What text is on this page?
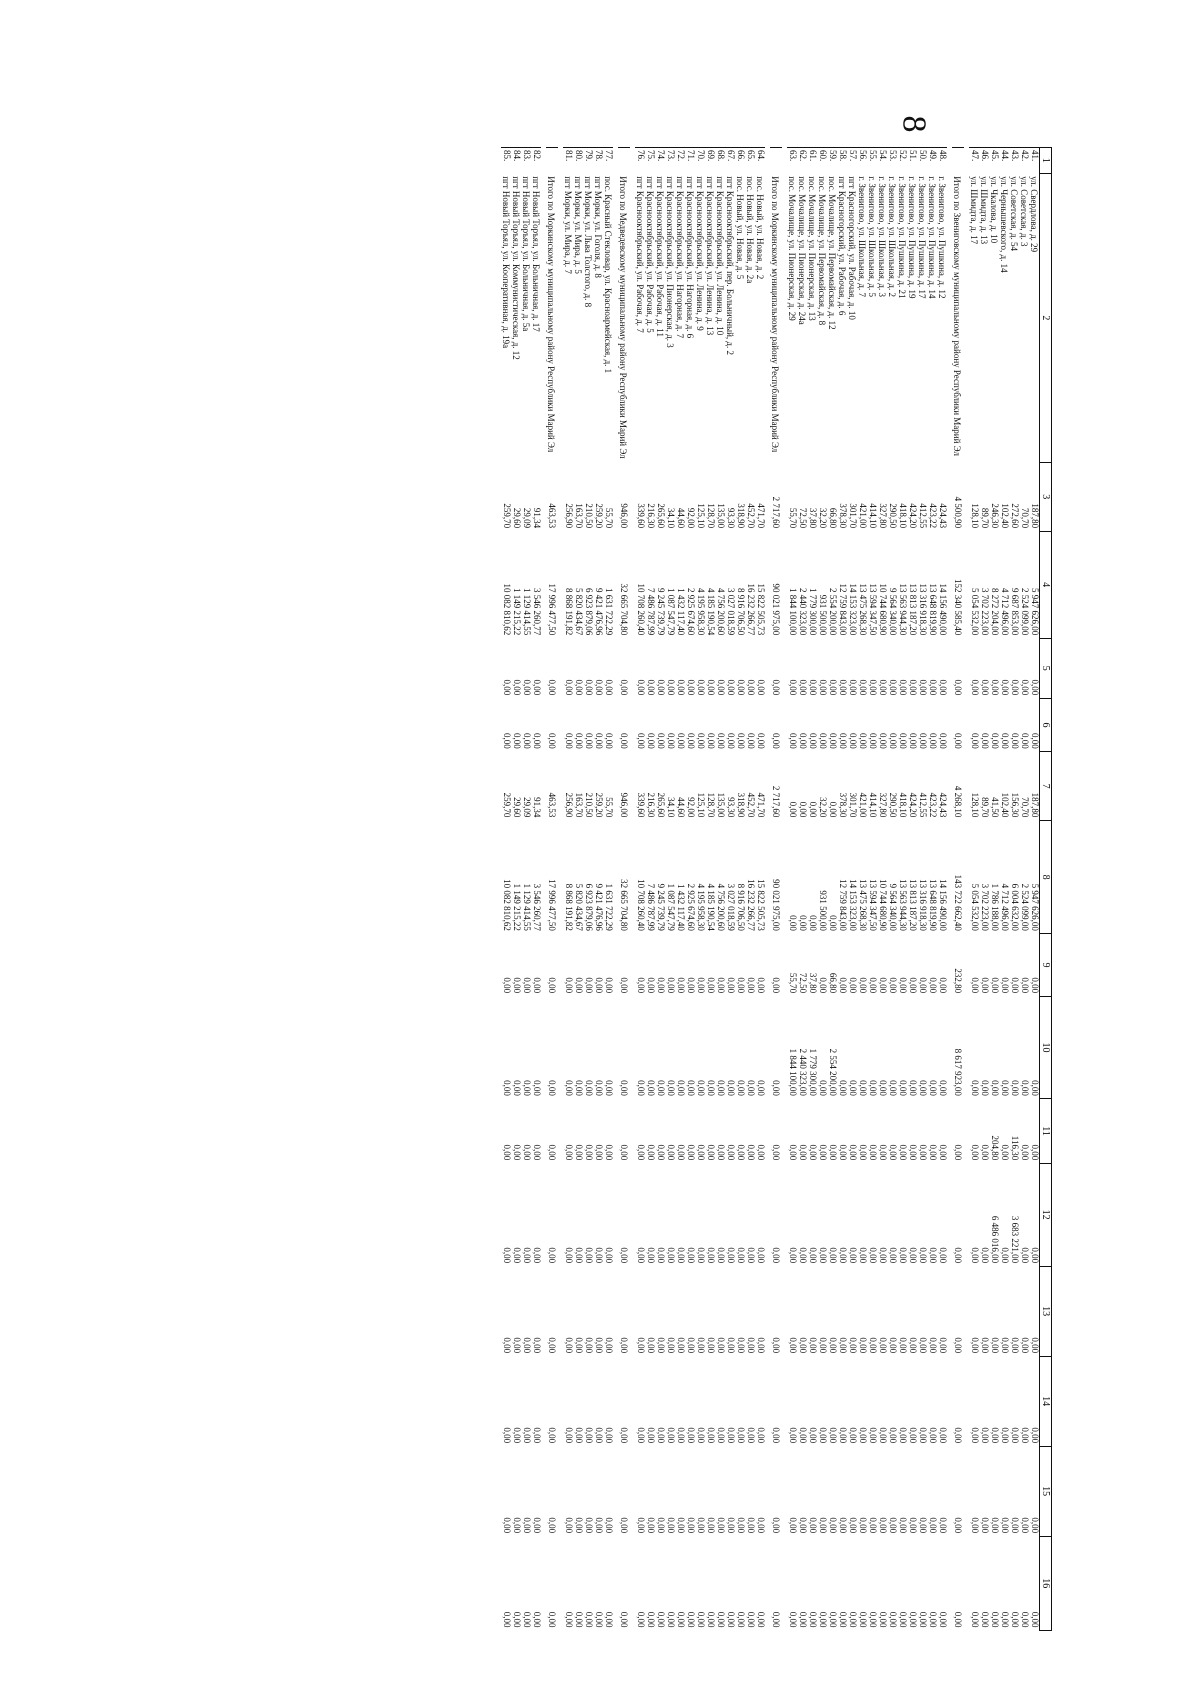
8
1	2	3	4	5	6	7	8	9	10	11	12	13	14	15	16
41.	ул. Свердлова, д. 29	187,80	5 947 626,00	0,00	0,00	187,80	5 947 626,00	0,00	0,00	0,00	0,00	0,00	0,00	0,00	0,00
42.	ул. Советская, д. 3	70,70	2 524 099,00	0,00	0,00	70,70	2 524 099,00	0,00	0,00	0,00	0,00	0,00	0,00	0,00	0,00
43.	ул. Советская, д. 54	272,60	9 687 853,00	0,00	0,00	156,30	6 004 632,00	0,00	0,00	116,30	3 683 221,00	0,00	0,00	0,00	0,00
44.	ул. Чернышевского, д. 14	102,40	4 712 496,00	0,00	0,00	102,40	4 712 496,00	0,00	0,00	0,00	0,00	0,00	0,00	0,00	0,00
45.	ул. Чкалова, д. 10	246,30	8 272 204,00	0,00	0,00	41,50	1 786 188,00	0,00	0,00	204,80	6 486 016,00	0,00	0,00	0,00	0,00
46.	ул. Шмидта, д. 13	89,70	3 702 223,00	0,00	0,00	89,70	3 702 223,00	0,00	0,00	0,00	0,00	0,00	0,00	0,00	0,00
47.	ул. Шмидта, д. 17	128,10	5 054 532,00	0,00	0,00	128,10	5 054 532,00	0,00	0,00	0,00	0,00	0,00	0,00	0,00	0,00

	Итого по Звениговскому муниципальному району Республики Марий Эл	4 500,90	152 340 585,40	0,00	0,00	4 268,10	143 722 662,40	232,80	8 617 923,00	0,00	0,00	0,00	0,00	0,00	0,00

48.	г. Звенигово, ул. Пушкина, д. 12	424,43	14 156 490,00	0,00	0,00	424,43	14 156 490,00	0,00	0,00	0,00	0,00	0,00	0,00	0,00	0,00
49.	г. Звенигово, ул. Пушкина, д. 14	423,22	13 648 819,90	0,00	0,00	423,22	13 648 819,90	0,00	0,00	0,00	0,00	0,00	0,00	0,00	0,00
50.	г. Звенигово, ул. Пушкина, д. 17	412,55	13 316 918,30	0,00	0,00	412,55	13 316 918,30	0,00	0,00	0,00	0,00	0,00	0,00	0,00	0,00
51.	г. Звенигово, ул. Пушкина, д. 19	424,20	13 813 187,20	0,00	0,00	424,20	13 813 187,20	0,00	0,00	0,00	0,00	0,00	0,00	0,00	0,00
52.	г. Звенигово, ул. Пушкина, д. 21	418,10	13 563 944,30	0,00	0,00	418,10	13 563 944,30	0,00	0,00	0,00	0,00	0,00	0,00	0,00	0,00
53.	г. Звенигово, ул. Школьная, д. 2	290,50	9 564 340,00	0,00	0,00	290,50	9 564 340,00	0,00	0,00	0,00	0,00	0,00	0,00	0,00	0,00
54.	г. Звенигово, ул. Школьная, д. 3	327,80	10 744 680,90	0,00	0,00	327,80	10 744 680,90	0,00	0,00	0,00	0,00	0,00	0,00	0,00	0,00
55.	г. Звенигово, ул. Школьная, д. 5	414,10	13 594 347,50	0,00	0,00	414,10	13 594 347,50	0,00	0,00	0,00	0,00	0,00	0,00	0,00	0,00
56.	г. Звенигово, ул. Школьная, д. 7	421,00	13 475 268,30	0,00	0,00	421,00	13 475 268,30	0,00	0,00	0,00	0,00	0,00	0,00	0,00	0,00
57.	пгт Красногорский, ул. Рабочая, д. 10	301,70	14 153 323,00	0,00	0,00	301,70	14 153 323,00	0,00	0,00	0,00	0,00	0,00	0,00	0,00	0,00
58.	пгт Красногорский, ул. Рабочая, д. 6	378,30	12 759 843,00	0,00	0,00	378,30	12 759 843,00	0,00	0,00	0,00	0,00	0,00	0,00	0,00	0,00
59.	пос. Мочалище, ул. Первомайская, д. 12	66,80	2 554 200,00	0,00	0,00	0,00	0,00	66,80	2 554 200,00	0,00	0,00	0,00	0,00	0,00	0,00
60.	пос. Мочалище, ул. Первомайская, д. 8	32,20	931 500,00	0,00	0,00	32,20	931 500,00	0,00	0,00	0,00	0,00	0,00	0,00	0,00	0,00
61.	пос. Мочалище, ул. Пионерская, д. 13	37,80	1 779 300,00	0,00	0,00	0,00	0,00	37,80	1 779 300,00	0,00	0,00	0,00	0,00	0,00	0,00
62.	пос. Мочалище, ул. Пионерская, д. 24а	72,50	2 440 323,00	0,00	0,00	0,00	0,00	72,50	2 440 323,00	0,00	0,00	0,00	0,00	0,00	0,00
63.	пос. Мочалище, ул. Пионерская, д. 29	55,70	1 844 100,00	0,00	0,00	0,00	0,00	55,70	1 844 100,00	0,00	0,00	0,00	0,00	0,00	0,00

	Итого по Моркинскому муниципальному району Республики Марий Эл	2 717,60	90 021 975,00	0,00	0,00	2 717,60	90 021 975,00	0,00	0,00	0,00	0,00	0,00	0,00	0,00	0,00

64.	пос. Новый, ул. Новая, д. 2	471,70	15 822 505,73	0,00	0,00	471,70	15 822 505,73	0,00	0,00	0,00	0,00	0,00	0,00	0,00	0,00
65.	пос. Новый, ул. Новая, д. 2а	452,70	16 232 266,77	0,00	0,00	452,70	16 232 266,77	0,00	0,00	0,00	0,00	0,00	0,00	0,00	0,00
66.	пос. Новый, ул. Новая, д. 5	318,90	8 916 706,50	0,00	0,00	318,90	8 916 706,50	0,00	0,00	0,00	0,00	0,00	0,00	0,00	0,00
67.	пгт Краснооктябрьский, пер. Больничный, д. 2	93,30	3 027 018,59	0,00	0,00	93,30	3 027 018,59	0,00	0,00	0,00	0,00	0,00	0,00	0,00	0,00
68.	пгт Краснооктябрьский, ул. Ленина, д. 10	135,00	4 756 200,60	0,00	0,00	135,00	4 756 200,60	0,00	0,00	0,00	0,00	0,00	0,00	0,00	0,00
69.	пгт Краснооктябрьский, ул. Ленина, д. 13	128,70	4 185 190,54	0,00	0,00	128,70	4 185 190,54	0,00	0,00	0,00	0,00	0,00	0,00	0,00	0,00
70.	пгт Краснооктябрьский, ул. Ленина, д. 9	125,10	4 195 958,30	0,00	0,00	125,10	4 195 958,30	0,00	0,00	0,00	0,00	0,00	0,00	0,00	0,00
71.	пгт Краснооктябрьский, ул. Нагорная, д. 6	92,00	2 925 674,60	0,00	0,00	92,00	2 925 674,60	0,00	0,00	0,00	0,00	0,00	0,00	0,00	0,00
72.	пгт Краснооктябрьский, ул. Нагорная, д. 7	44,60	1 432 117,40	0,00	0,00	44,60	1 432 117,40	0,00	0,00	0,00	0,00	0,00	0,00	0,00	0,00
73.	пгт Краснооктябрьский, ул. Пионерская, д. 3	34,10	1 087 547,79	0,00	0,00	34,10	1 087 547,79	0,00	0,00	0,00	0,00	0,00	0,00	0,00	0,00
74.	пгт Краснооктябрьский, ул. Рабочая, д. 11	265,60	9 245 739,79	0,00	0,00	265,60	9 245 739,79	0,00	0,00	0,00	0,00	0,00	0,00	0,00	0,00
75.	пгт Краснооктябрьский, ул. Рабочая, д. 5	216,30	7 486 787,99	0,00	0,00	216,30	7 486 787,99	0,00	0,00	0,00	0,00	0,00	0,00	0,00	0,00
76.	пгт Краснооктябрьский, ул. Рабочая, д. 7	339,60	10 708 260,40	0,00	0,00	339,60	10 708 260,40	0,00	0,00	0,00	0,00	0,00	0,00	0,00	0,00

	Итого по Медведевскому муниципальному району Республики Марий Эл	946,00	32 665 704,80	0,00	0,00	946,00	32 665 704,80	0,00	0,00	0,00	0,00	0,00	0,00	0,00	0,00

77.	пос. Красный Стекловар, ул. Красноармейская, д. 1	55,70	1 631 722,29	0,00	0,00	55,70	1 631 722,29	0,00	0,00	0,00	0,00	0,00	0,00	0,00	0,00
78.	пгт Морки, ул. Гоголя, д. 8	259,20	9 421 476,96	0,00	0,00	259,20	9 421 476,96	0,00	0,00	0,00	0,00	0,00	0,00	0,00	0,00
79.	пгт Морки, ул. Льва Толстого, д. 8	210,50	6 923 879,06	0,00	0,00	210,50	6 923 879,06	0,00	0,00	0,00	0,00	0,00	0,00	0,00	0,00
80.	пгт Морки, ул. Мира, д. 5	163,70	5 820 434,67	0,00	0,00	163,70	5 820 434,67	0,00	0,00	0,00	0,00	0,00	0,00	0,00	0,00
81.	пгт Морки, ул. Мира, д. 7	256,90	8 868 191,82	0,00	0,00	256,90	8 868 191,82	0,00	0,00	0,00	0,00	0,00	0,00	0,00	0,00

	Итого по Моркинскому муниципальному району Республики Марий Эл	463,53	17 996 477,50	0,00	0,00	463,53	17 996 477,50	0,00	0,00	0,00	0,00	0,00	0,00	0,00	0,00

82.	пгт Новый Торъял, ул. Больничная, д. 17	91,34	3 546 260,77	0,00	0,00	91,34	3 546 260,77	0,00	0,00	0,00	0,00	0,00	0,00	0,00	0,00
83.	пгт Новый Торъял, ул. Больничная, д. 5а	29,09	1 129 414,55	0,00	0,00	29,09	1 129 414,55	0,00	0,00	0,00	0,00	0,00	0,00	0,00	0,00
84.	пгт Новый Торъял, ул. Коммунистическая, д. 12	29,60	1 149 215,22	0,00	0,00	29,60	1 149 215,22	0,00	0,00	0,00	0,00	0,00	0,00	0,00	0,00
85.	пгт Новый Торъял, ул. Кооперативная, д. 19а	259,70	10 082 810,62	0,00	0,00	259,70	10 082 810,62	0,00	0,00	0,00	0,00	0,00	0,00	0,00	0,00
